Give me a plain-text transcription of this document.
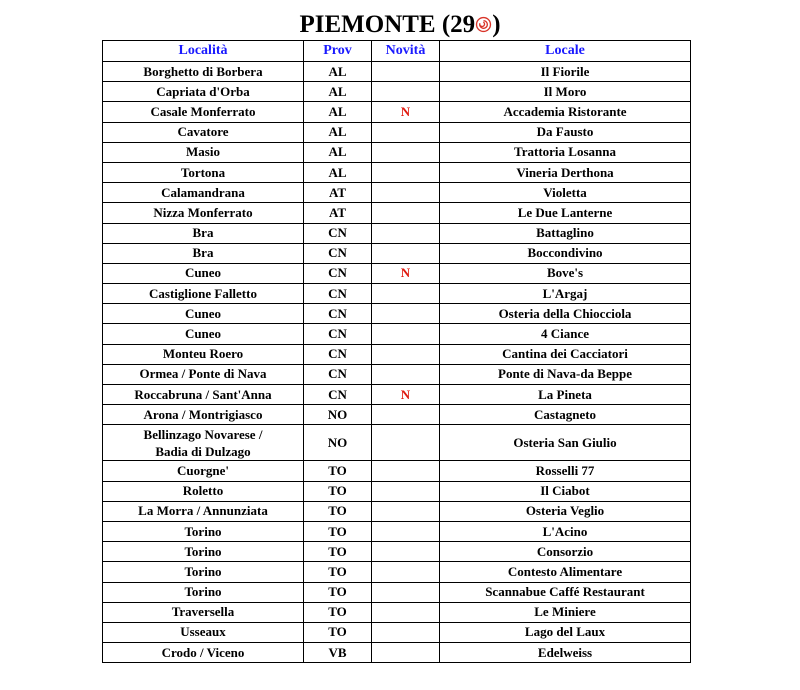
PIEMONTE (29 )
Località	Prov	Novità	Locale
Borghetto di Borbera	AL		Il Fiorile
Capriata d'Orba	AL		Il Moro
Casale Monferrato	AL	N	Accademia Ristorante
Cavatore	AL		Da Fausto
Masio	AL		Trattoria Losanna
Tortona	AL		Vineria Derthona
Calamandrana	AT		Violetta
Nizza Monferrato	AT		Le Due Lanterne
Bra	CN		Battaglino
Bra	CN		Boccondivino
Cuneo	CN	N	Bove's
Castiglione Falletto	CN		L'Argaj
Cuneo	CN		Osteria della Chiocciola
Cuneo	CN		4 Ciance
Monteu Roero	CN		Cantina dei Cacciatori
Ormea / Ponte di Nava	CN		Ponte di Nava-da Beppe
Roccabruna / Sant'Anna	CN	N	La Pineta
Arona / Montrigiasco	NO		Castagneto
Bellinzago Novarese /
Badia di Dulzago	NO		Osteria San Giulio
Cuorgne'	TO		Rosselli 77
Roletto	TO		Il Ciabot
La Morra / Annunziata	TO		Osteria Veglio
Torino	TO		L'Acino
Torino	TO		Consorzio
Torino	TO		Contesto Alimentare
Torino	TO		Scannabue Caffé Restaurant
Traversella	TO		Le Miniere
Usseaux	TO		Lago del Laux
Crodo / Viceno	VB		Edelweiss
